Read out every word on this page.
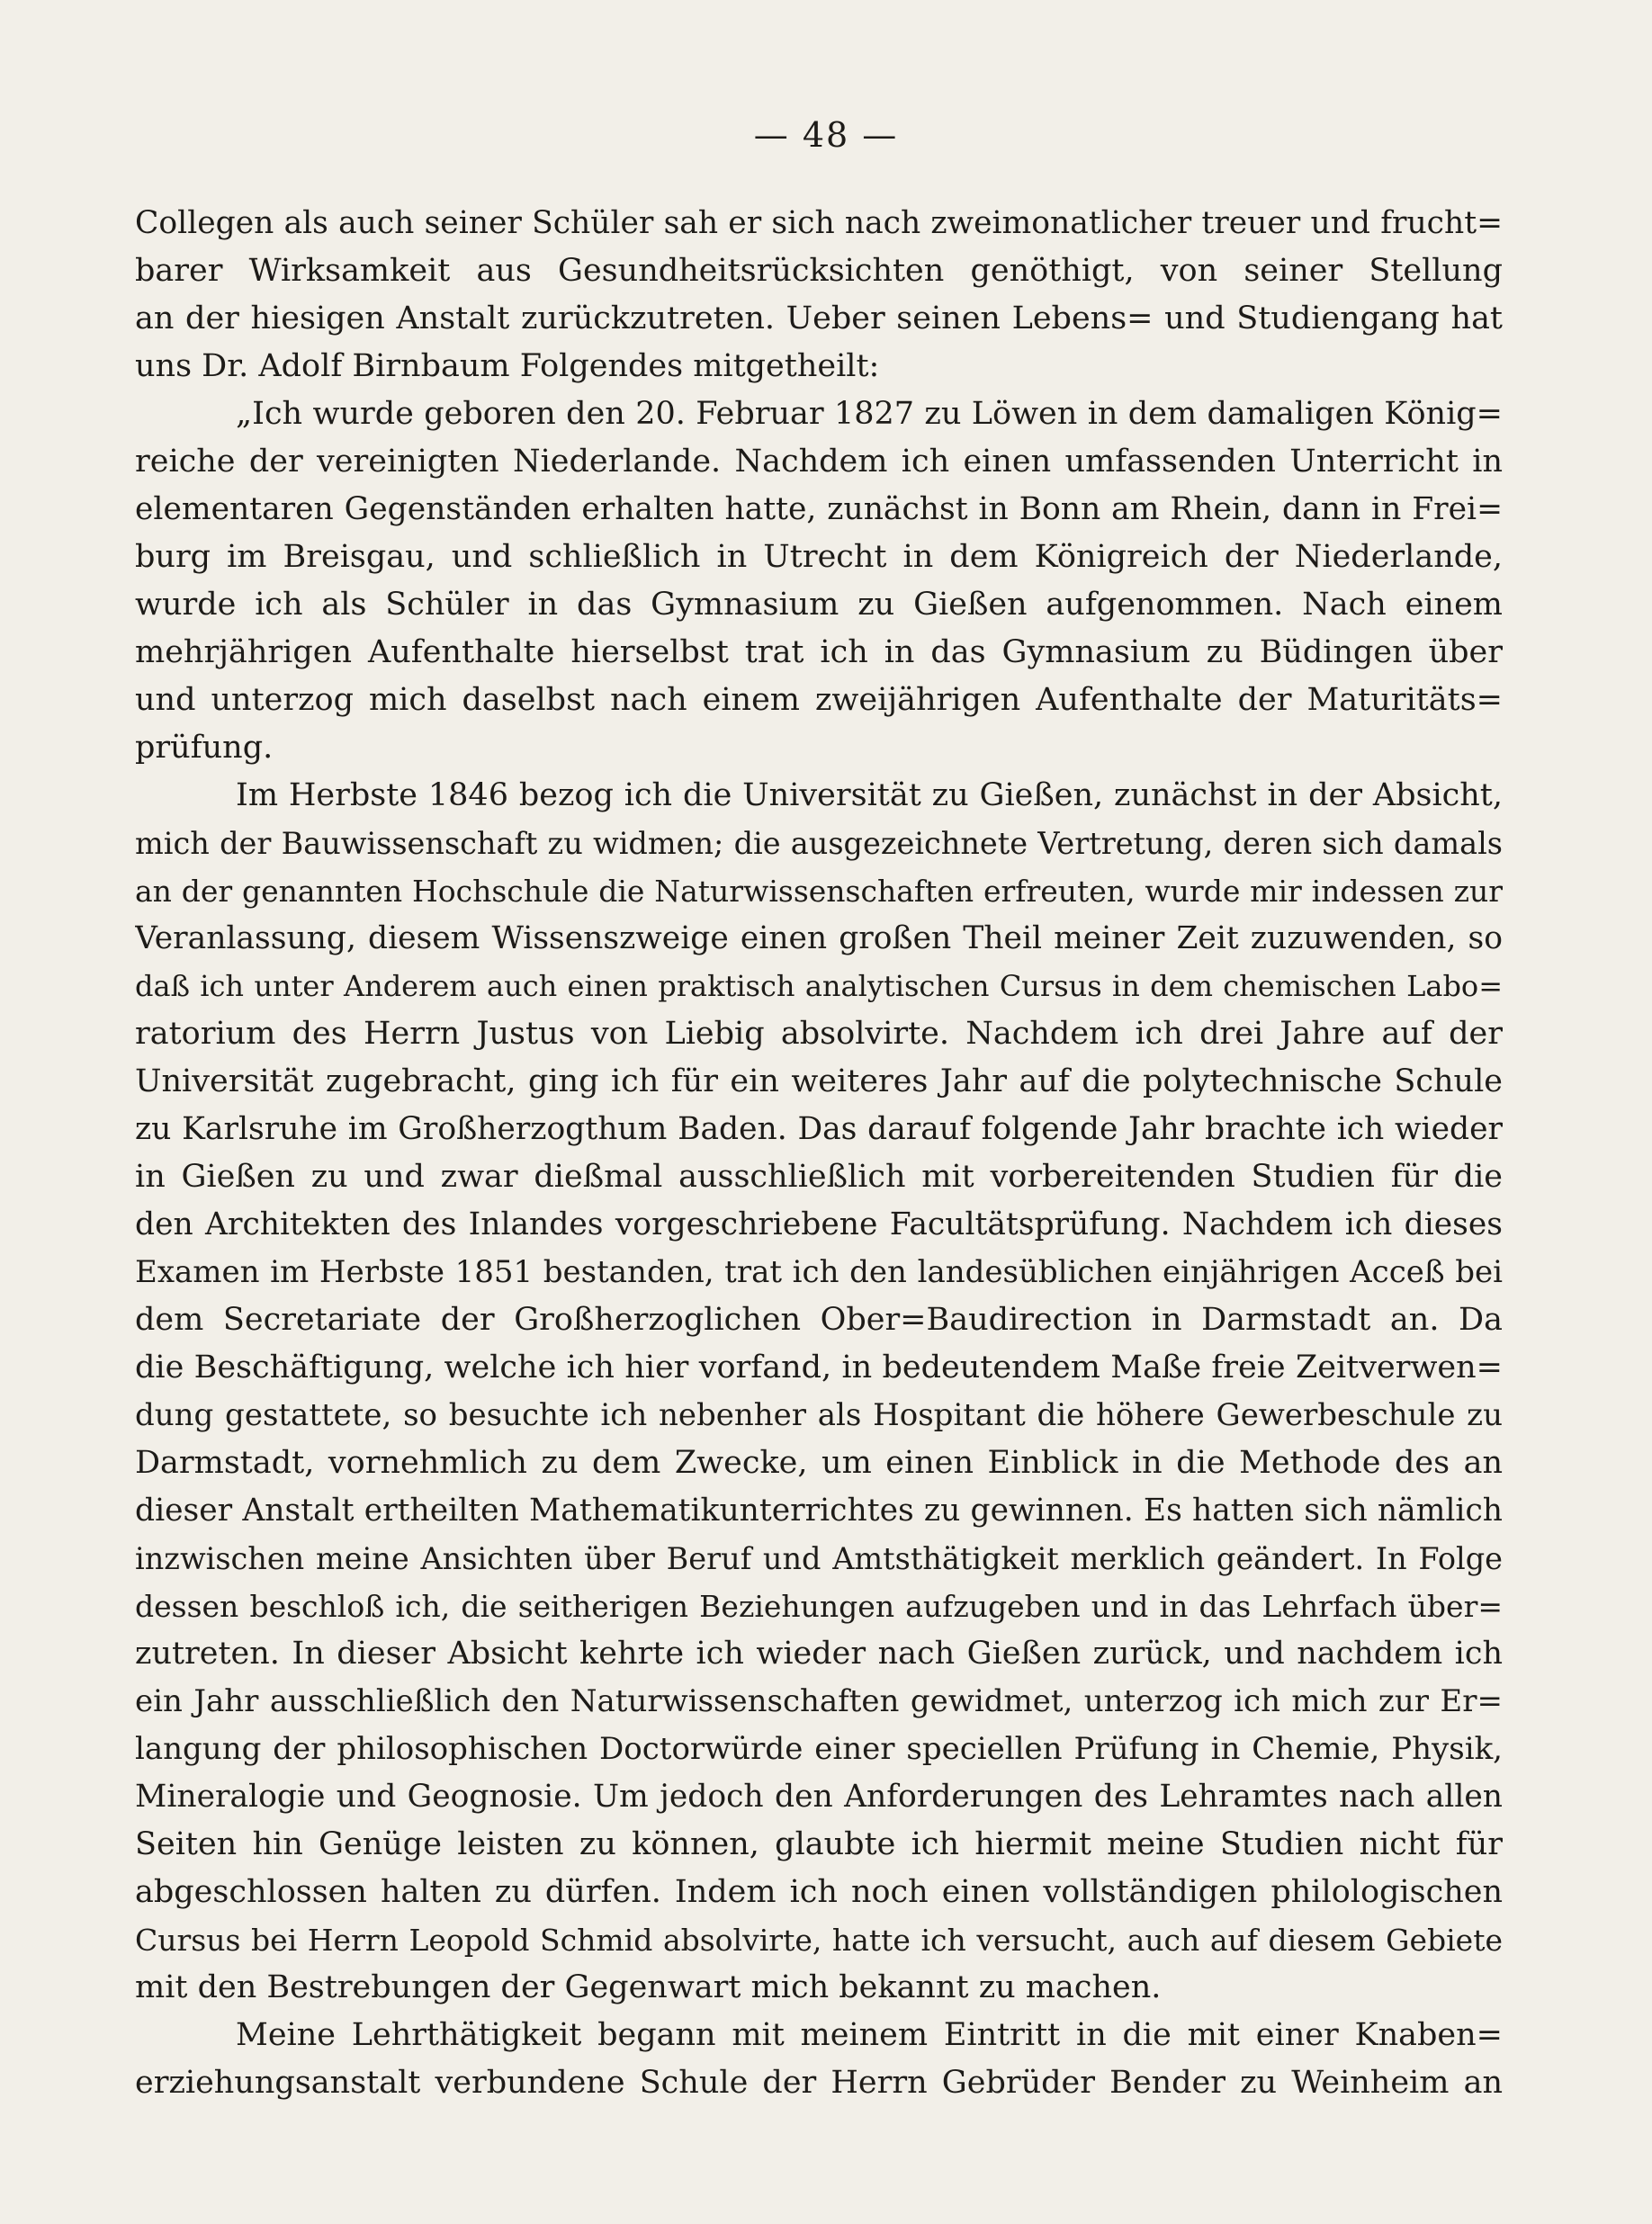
— 48 —
Collegen als auch seiner Schüler sah er sich nach zweimonatlicher treuer und frucht=
barer Wirksamkeit aus Gesundheitsrücksichten genöthigt, von seiner Stellung
an der hiesigen Anstalt zurückzutreten. Ueber seinen Lebens= und Studiengang hat
uns Dr. Adolf Birnbaum Folgendes mitgetheilt:
„Ich wurde geboren den 20. Februar 1827 zu Löwen in dem damaligen König=
reiche der vereinigten Niederlande. Nachdem ich einen umfassenden Unterricht in
elementaren Gegenständen erhalten hatte, zunächst in Bonn am Rhein, dann in Frei=
burg im Breisgau, und schließlich in Utrecht in dem Königreich der Niederlande,
wurde ich als Schüler in das Gymnasium zu Gießen aufgenommen. Nach einem
mehrjährigen Aufenthalte hierselbst trat ich in das Gymnasium zu Büdingen über
und unterzog mich daselbst nach einem zweijährigen Aufenthalte der Maturitäts=
prüfung.
Im Herbste 1846 bezog ich die Universität zu Gießen, zunächst in der Absicht,
mich der Bauwissenschaft zu widmen; die ausgezeichnete Vertretung, deren sich damals
an der genannten Hochschule die Naturwissenschaften erfreuten, wurde mir indessen zur
Veranlassung, diesem Wissenszweige einen großen Theil meiner Zeit zuzuwenden, so
daß ich unter Anderem auch einen praktisch analytischen Cursus in dem chemischen Labo=
ratorium des Herrn Justus von Liebig absolvirte. Nachdem ich drei Jahre auf der
Universität zugebracht, ging ich für ein weiteres Jahr auf die polytechnische Schule
zu Karlsruhe im Großherzogthum Baden. Das darauf folgende Jahr brachte ich wieder
in Gießen zu und zwar dießmal ausschließlich mit vorbereitenden Studien für die
den Architekten des Inlandes vorgeschriebene Facultätsprüfung. Nachdem ich dieses
Examen im Herbste 1851 bestanden, trat ich den landesüblichen einjährigen Acceß bei
dem Secretariate der Großherzoglichen Ober=Baudirection in Darmstadt an. Da
die Beschäftigung, welche ich hier vorfand, in bedeutendem Maße freie Zeitverwen=
dung gestattete, so besuchte ich nebenher als Hospitant die höhere Gewerbeschule zu
Darmstadt, vornehmlich zu dem Zwecke, um einen Einblick in die Methode des an
dieser Anstalt ertheilten Mathematikunterrichtes zu gewinnen. Es hatten sich nämlich
inzwischen meine Ansichten über Beruf und Amtsthätigkeit merklich geändert. In Folge
dessen beschloß ich, die seitherigen Beziehungen aufzugeben und in das Lehrfach über=
zutreten. In dieser Absicht kehrte ich wieder nach Gießen zurück, und nachdem ich
ein Jahr ausschließlich den Naturwissenschaften gewidmet, unterzog ich mich zur Er=
langung der philosophischen Doctorwürde einer speciellen Prüfung in Chemie, Physik,
Mineralogie und Geognosie. Um jedoch den Anforderungen des Lehramtes nach allen
Seiten hin Genüge leisten zu können, glaubte ich hiermit meine Studien nicht für
abgeschlossen halten zu dürfen. Indem ich noch einen vollständigen philologischen
Cursus bei Herrn Leopold Schmid absolvirte, hatte ich versucht, auch auf diesem Gebiete
mit den Bestrebungen der Gegenwart mich bekannt zu machen.
Meine Lehrthätigkeit begann mit meinem Eintritt in die mit einer Knaben=
erziehungsanstalt verbundene Schule der Herrn Gebrüder Bender zu Weinheim an
